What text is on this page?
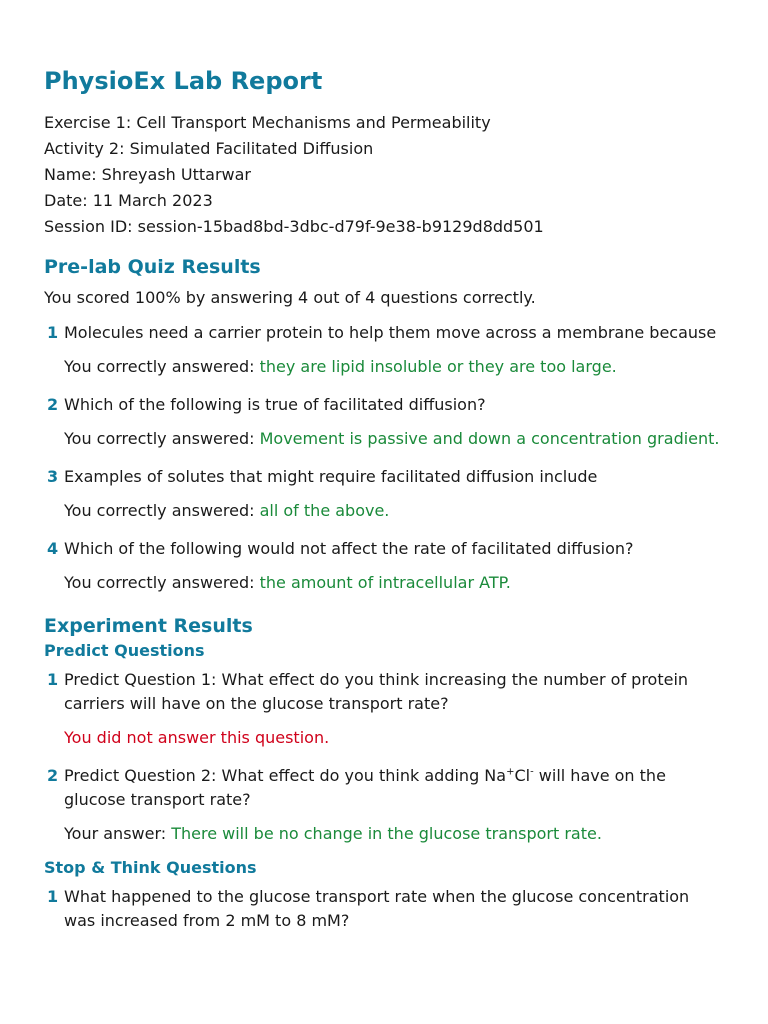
PhysioEx Lab Report
Exercise 1: Cell Transport Mechanisms and Permeability
Activity 2: Simulated Facilitated Diffusion
Name: Shreyash Uttarwar
Date: 11 March 2023
Session ID: session-15bad8bd-3dbc-d79f-9e38-b9129d8dd501
Pre-lab Quiz Results
You scored 100% by answering 4 out of 4 questions correctly.
1 Molecules need a carrier protein to help them move across a membrane because
You correctly answered: they are lipid insoluble or they are too large.
2 Which of the following is true of facilitated diffusion?
You correctly answered: Movement is passive and down a concentration gradient.
3 Examples of solutes that might require facilitated diffusion include
You correctly answered: all of the above.
4 Which of the following would not affect the rate of facilitated diffusion?
You correctly answered: the amount of intracellular ATP.
Experiment Results
Predict Questions
1 Predict Question 1: What effect do you think increasing the number of protein carriers will have on the glucose transport rate?
You did not answer this question.
2 Predict Question 2: What effect do you think adding Na+Cl- will have on the glucose transport rate?
Your answer: There will be no change in the glucose transport rate.
Stop & Think Questions
1 What happened to the glucose transport rate when the glucose concentration was increased from 2 mM to 8 mM?
